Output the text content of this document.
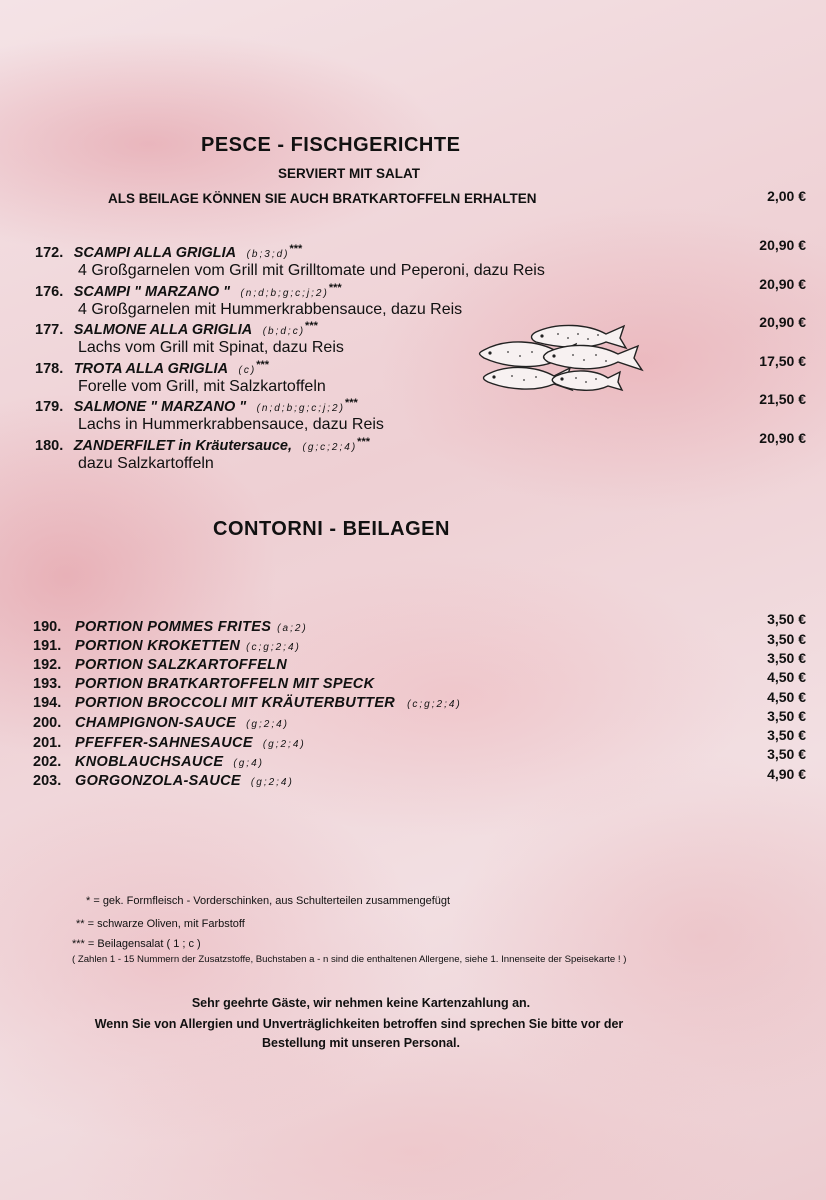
PESCE - FISCHGERICHTE
SERVIERT MIT SALAT
ALS BEILAGE KÖNNEN SIE AUCH BRATKARTOFFELN ERHALTEN	2,00 €
172. SCAMPI ALLA GRIGLIA (b;3;d)***
4 Großgarnelen vom Grill mit Grilltomate und Peperoni, dazu Reis
20,90 €
176. SCAMPI " MARZANO " (n;d;b;g;c;j;2)***
4 Großgarnelen mit Hummerkrabbensauce, dazu Reis
20,90 €
177. SALMONE ALLA GRIGLIA (b;d;c)***
Lachs vom Grill mit Spinat, dazu Reis
20,90 €
178. TROTA ALLA GRIGLIA (c)***
Forelle vom Grill, mit Salzkartoffeln
17,50 €
179. SALMONE " MARZANO " (n;d;b;g;c;j;2)***
Lachs in Hummerkrabbensauce, dazu Reis
21,50 €
180. ZANDERFILET in Kräutersauce, (g;c;2;4)***
dazu Salzkartoffeln
20,90 €
CONTORNI - BEILAGEN
190. PORTION POMMES FRITES (a;2)
3,50 €
191. PORTION KROKETTEN (c;g;2;4)
3,50 €
192. PORTION SALZKARTOFFELN	3,50 €
193. PORTION BRATKARTOFFELN MIT SPECK	4,50 €
194. PORTION BROCCOLI MIT KRÄUTERBUTTER (c;g;2;4)	4,50 €
200. CHAMPIGNON-SAUCE (g;2;4)
3,50 €
201. PFEFFER-SAHNESAUCE (g;2;4)
3,50 €
202. KNOBLAUCHSAUCE (g;4)
3,50 €
203. GORGONZOLA-SAUCE (g;2;4)
4,90 €
* = gek. Formfleisch - Vorderschinken, aus Schulterteilen zusammengefügt
** = schwarze Oliven, mit Farbstoff
*** = Beilagensalat ( 1 ; c )
( Zahlen 1 - 15 Nummern der Zusatzstoffe, Buchstaben a - n sind die enthaltenen Allergene, siehe 1. Innenseite der Speisekarte ! )
Sehr geehrte Gäste, wir nehmen keine Kartenzahlung an.
Wenn Sie von Allergien und Unverträglichkeiten betroffen sind sprechen Sie bitte vor der
Bestellung mit unseren Personal.
